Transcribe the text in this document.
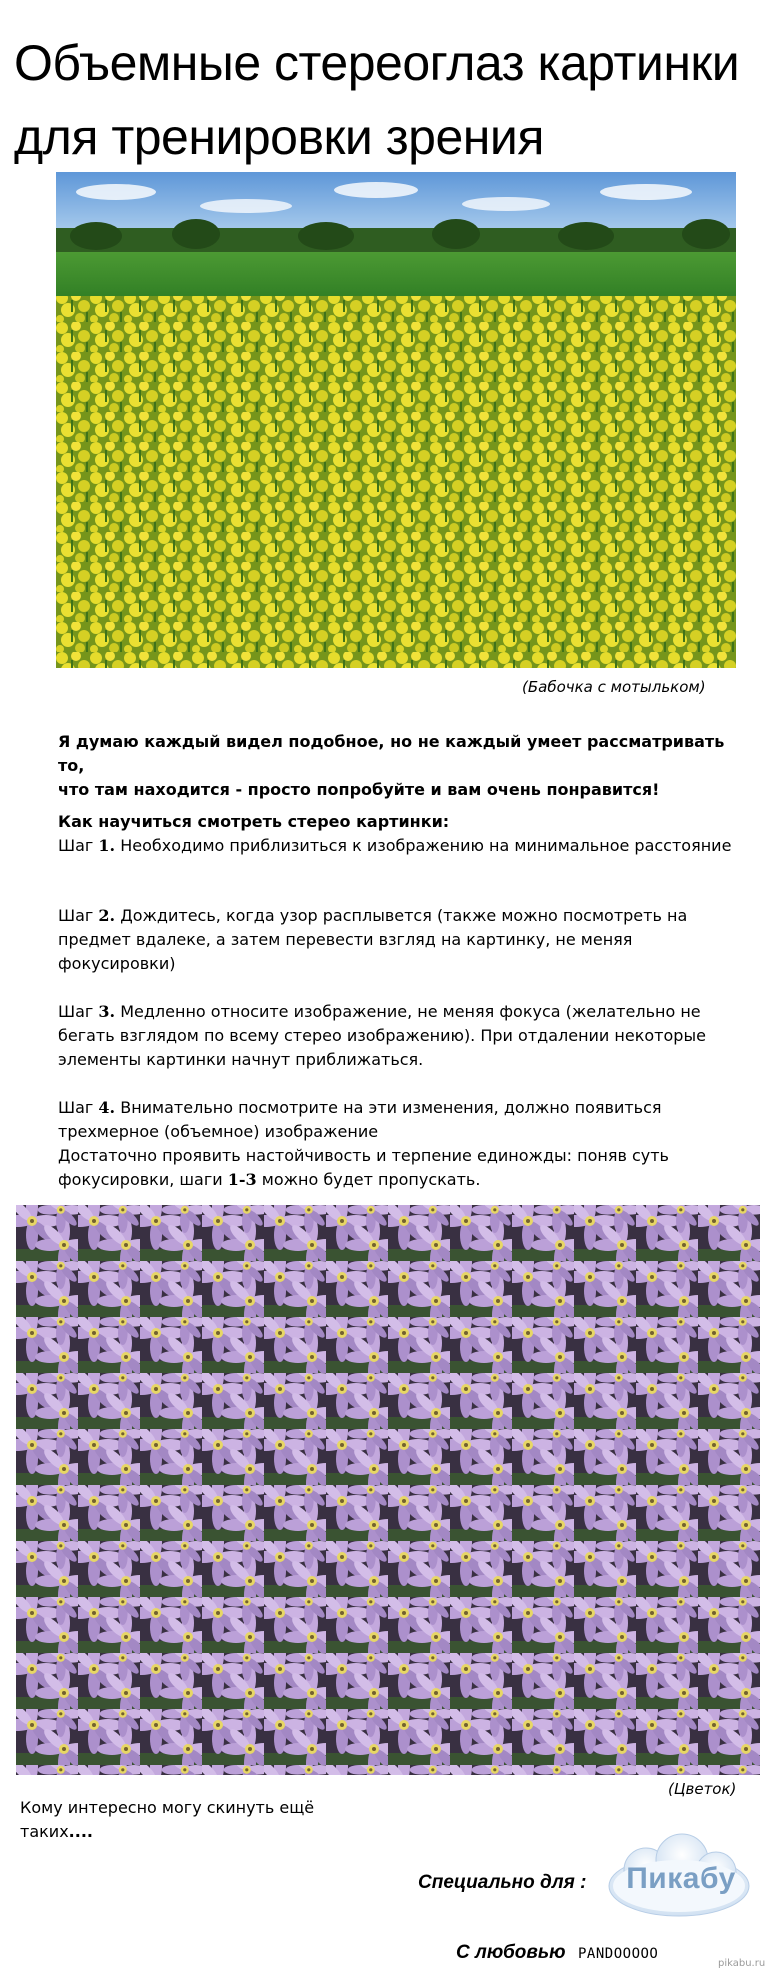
Объемные стереоглаз картинки
для тренировки зрения
(Бабочка с мотыльком)
Я думаю каждый видел подобное, но не каждый умеет рассматривать то,
что там находится - просто попробуйте и вам очень понравится!
Как научиться смотреть стерео картинки:
Шаг 1. Необходимо приблизиться к изображению на минимальное расстояние
Шаг 2. Дождитесь, когда узор расплывется (также можно посмотреть на предмет вдалеке, а затем перевести взгляд на картинку, не меняя фокусировки)
Шаг 3. Медленно относите изображение, не меняя фокуса (желательно не бегать взглядом по всему стерео изображению). При отдалении некоторые элементы картинки начнут приближаться.
Шаг 4. Внимательно посмотрите на эти изменения, должно появиться трехмерное (объемное) изображение
Достаточно проявить настойчивость и терпение единожды: поняв суть фокусировки, шаги 1-3 можно будет пропускать.
(Цветок)
Кому интересно могу скинуть ещё таких....
Специально для : Пикабу
С любовью PANDOOOOO
pikabu.ru
